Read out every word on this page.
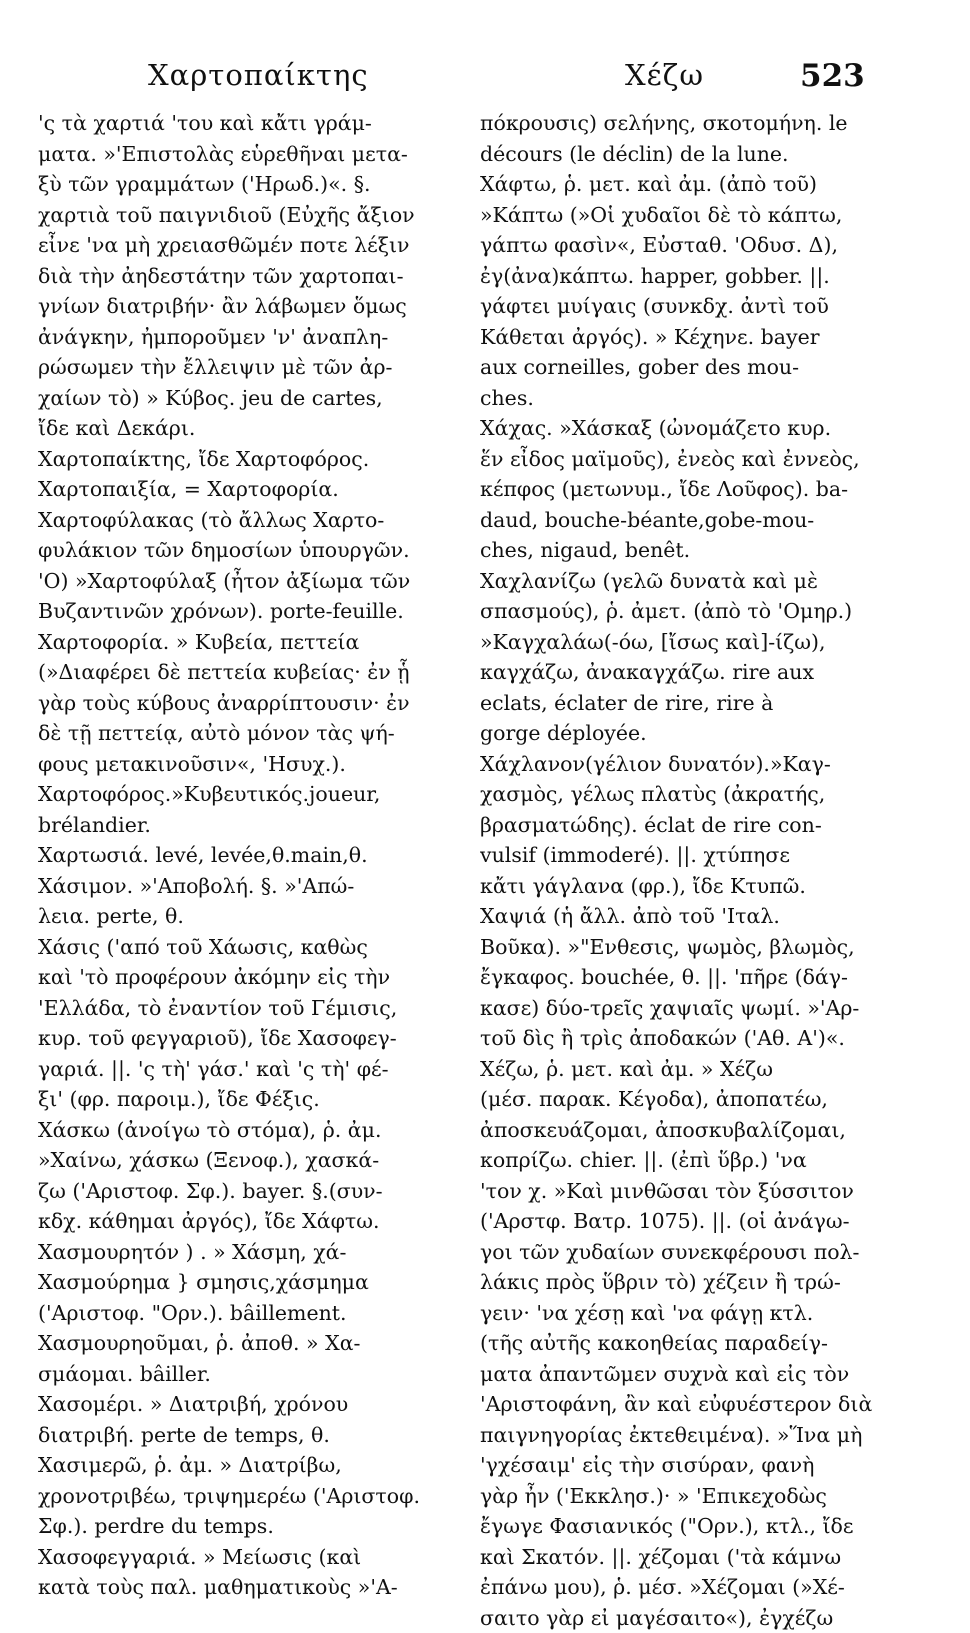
Χαρτοπαίκτης	Χέζω	523
'ς τὰ χαρτιά 'του καὶ κἄτι γράμ-
ματα. »'Επιστολὰς εὑρεθῆναι μετα-
ξὺ τῶν γραμμάτων ('Ηρωδ.)«. §.
χαρτιὰ τοῦ παιγνιδιοῦ (Εὐχῆς ἄξιον
εἶνε 'να μὴ χρειασθῶμέν ποτε λέξιν
διὰ τὴν ἀηδεστάτην τῶν χαρτοπαι-
γνίων διατριβήν· ἂν λάβωμεν ὅμως
ἀνάγκην, ἠμποροῦμεν 'ν' ἀναπλη-
ρώσωμεν τὴν ἔλλειψιν μὲ τῶν ἀρ-
χαίων τὸ) » Κύβος. jeu de cartes,
ἴδε καὶ Δεκάρι.
Χαρτοπαίκτης, ἴδε Χαρτοφόρος.
Χαρτοπαιξία, = Χαρτοφορία.
Χαρτοφύλακας (τὸ ἄλλως Χαρτο-
φυλάκιον τῶν δημοσίων ὑπουργῶν.
'Ο) »Χαρτοφύλαξ (ἦτον ἀξίωμα τῶν
Βυζαντινῶν χρόνων). porte-feuille.
Χαρτοφορία. » Κυβεία, πεττεία
(»Διαφέρει δὲ πεττεία κυβείας· ἐν ᾗ
γὰρ τοὺς κύβους ἀναρρίπτουσιν· ἐν
δὲ τῇ πεττείᾳ, αὐτὸ μόνον τὰς ψή-
φους μετακινοῦσιν«, 'Ησυχ.).
Χαρτοφόρος.»Κυβευτικός.joueur,
brélandier.
Χαρτωσιά. levé, levée,θ.main,θ.
Χάσιμον. »'Αποβολή. §. »'Απώ-
λεια. perte, θ.
Χάσις ('από τοῦ Χάωσις, καθὼς
καὶ 'τὸ προφέρουν ἀκόμην εἰς τὴν
'Ελλάδα, τὸ ἐναντίον τοῦ Γέμισις,
κυρ. τοῦ φεγγαριοῦ), ἴδε Χασοφεγ-
γαριά. ||. 'ς τὴ' γάσ.' καὶ 'ς τὴ' φέ-
ξι' (φρ. παροιμ.), ἴδε Φέξις.
Χάσκω (ἀνοίγω τὸ στόμα), ῥ. ἀμ.
»Χαίνω, χάσκω (Ξενοφ.), χασκά-
ζω ('Αριστοφ. Σφ.). bayer. §.(συν-
κδχ. κάθημαι ἀργός), ἴδε Χάφτω.
Χασμουρητόν ) . » Χάσμη, χά-
Χασμούρημα } σμησις,χάσμημα
('Αριστοφ. "Ορν.). bâillement.
Χασμουρηοῦμαι, ῥ. ἀποθ. » Χα-
σμάομαι. bâiller.
Χασομέρι. » Διατριβή, χρόνου
διατριβή. perte de temps, θ.
Χασιμερῶ, ῥ. ἀμ. » Διατρίβω,
χρονοτριβέω, τριψημερέω ('Αριστοφ.
Σφ.). perdre du temps.
Χασοφεγγαριά. » Μείωσις (καὶ
κατὰ τοὺς παλ. μαθηματικοὺς »'Α-
πόκρουσις) σελήνης, σκοτομήνη. le
décours (le déclin) de la lune.
Χάφτω, ῥ. μετ. καὶ ἀμ. (ἀπὸ τοῦ)
»Κάπτω (»Οἱ χυδαῖοι δὲ τὸ κάπτω,
γάπτω φασὶν«, Εὐσταθ. 'Οδυσ. Δ),
ἐγ(ἀνα)κάπτω. happer, gobber. ||.
γάφτει μυίγαις (συνκδχ. ἀντὶ τοῦ
Κάθεται ἀργός). » Κέχηνε. bayer
aux corneilles, gober des mou-
ches.
Χάχας. »Χάσκαξ (ὠνομάζετο κυρ.
ἕν εἶδος μαϊμοῦς), ἐνεὸς καὶ ἐννεὸς,
κέπφος (μετωνυμ., ἴδε Λοῦφος). ba-
daud, bouche-béante,gobe-mou-
ches, nigaud, benêt.
Χαχλανίζω (γελῶ δυνατὰ καὶ μὲ
σπασμούς), ῥ. ἀμετ. (ἀπὸ τὸ 'Ομηρ.)
»Καγχαλάω(-όω, [ἴσως καὶ]-ίζω),
καγχάζω, ἀνακαγχάζω. rire aux
eclats, éclater de rire, rire à
gorge déployée.
Χάχλανον(γέλιον δυνατόν).»Καγ-
χασμὸς, γέλως πλατὺς (ἀκρατής,
βρασματώδης). éclat de rire con-
vulsif (immoderé). ||. χτύπησε
κἄτι γάγλανα (φρ.), ἴδε Κτυπῶ.
Χαψιά (ἡ ἄλλ. ἀπὸ τοῦ 'Ιταλ.
Βοῦκα). »"Ενθεσις, ψωμὸς, βλωμὸς,
ἔγκαφος. bouchée, θ. ||. 'πῆρε (δάγ-
κασε) δύο-τρεῖς χαψιαῖς ψωμί. »'Αρ-
τοῦ δὶς ἢ τρὶς ἀποδακών ('Αθ. Α')«.
Χέζω, ῥ. μετ. καὶ ἀμ. » Χέζω
(μέσ. παρακ. Κέγοδα), ἀποπατέω,
ἀποσκευάζομαι, ἀποσκυβαλίζομαι,
κοπρίζω. chier. ||. (ἐπὶ ὕβρ.) 'να
'τον χ. »Καὶ μινθῶσαι τὸν ξύσσιτον
('Αρστφ. Βατρ. 1075). ||. (οἱ ἀνάγω-
γοι τῶν χυδαίων συνεκφέρουσι πολ-
λάκις πρὸς ὕβριν τὸ) χέζειν ἢ τρώ-
γειν· 'να χέσῃ καὶ 'να φάγῃ κτλ.
(τῆς αὐτῆς κακοηθείας παραδείγ-
ματα ἀπαντῶμεν συχνὰ καὶ εἰς τὸν
'Αριστοφάνη, ἂν καὶ εὐφυέστερον διὰ
παιγνηγορίας ἐκτεθειμένα). »Ἵνα μὴ
'γχέσαιμ' εἰς τὴν σισύραν, φανὴ
γὰρ ἦν ('Εκκλησ.)· » 'Επικεχοδὼς
ἔγωγε Φασιανικός ("Ορν.), κτλ., ἴδε
καὶ Σκατόν. ||. χέζομαι ('τὰ κάμνω
ἐπάνω μου), ῥ. μέσ. »Χέζομαι (»Χέ-
σαιτο γὰρ εἰ μαγέσαιτο«), ἐγχέζω
